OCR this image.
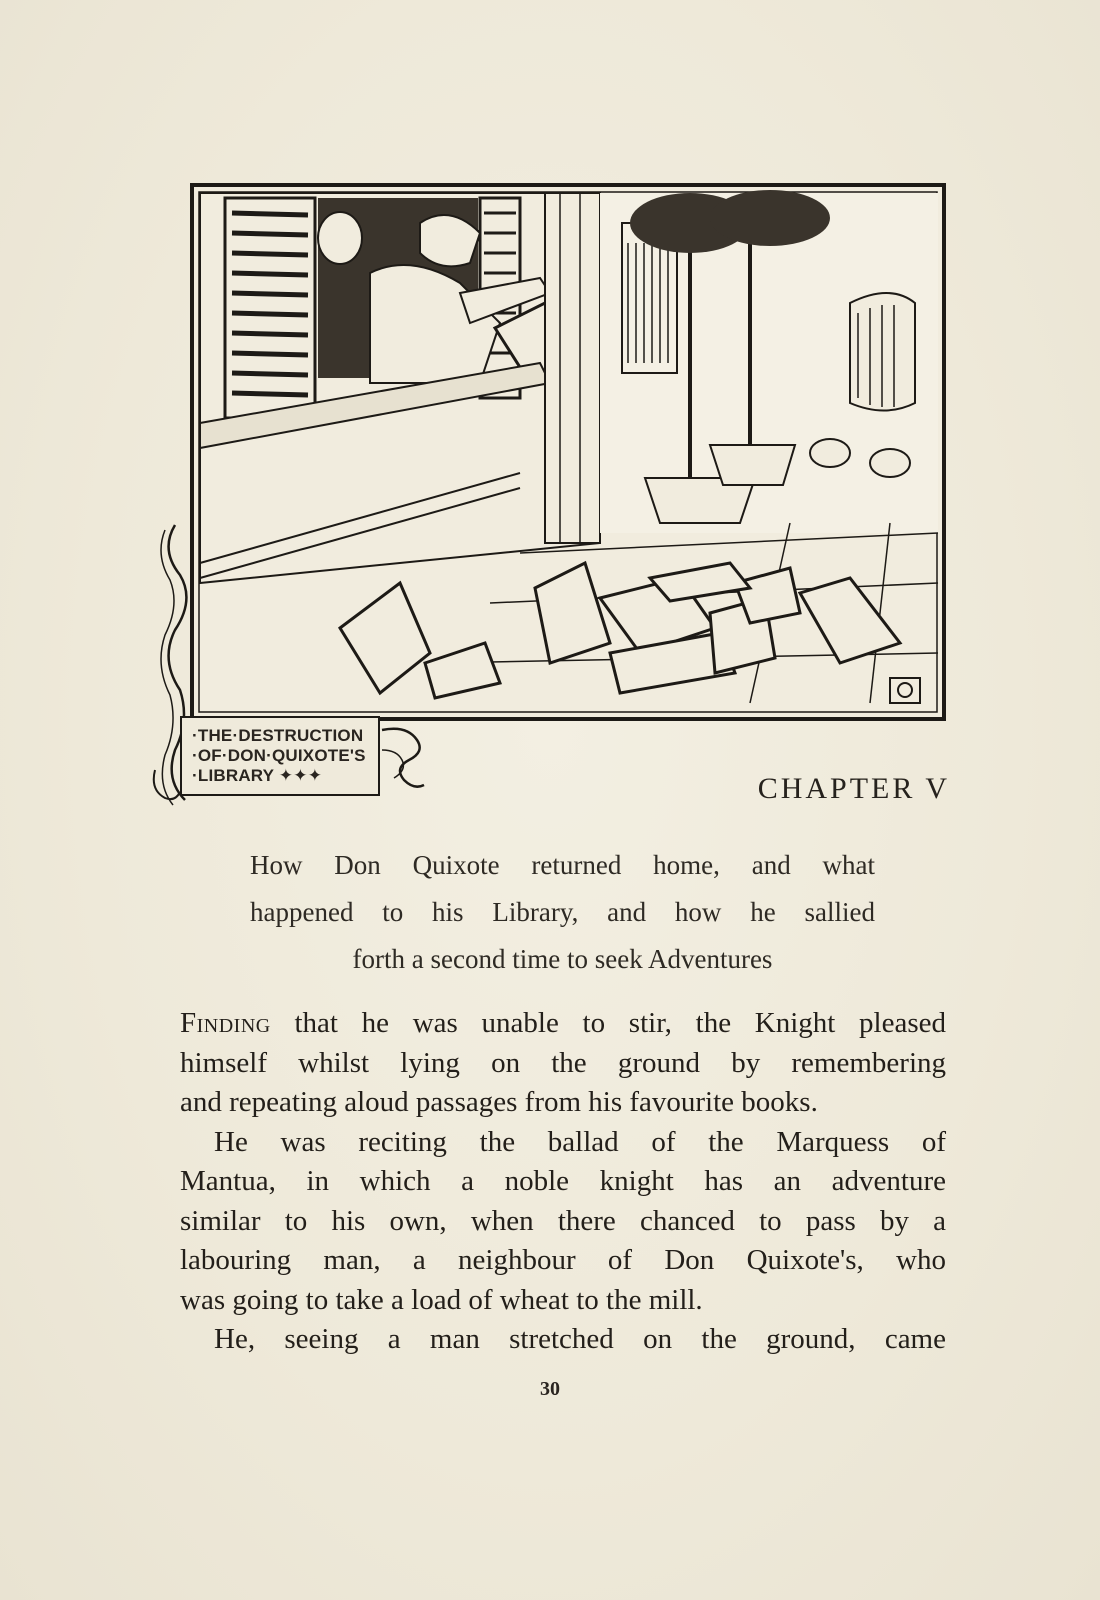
·THE·DESTRUCTION
·OF·DON·QUIXOTE'S
·LIBRARY ✦✦✦	CHAPTER V
How Don Quixote returned home, and what
happened to his Library, and how he sallied
forth a second time to seek Adventures
Finding that he was unable to stir, the Knight pleased
himself whilst lying on the ground by remembering
and repeating aloud passages from his favourite books.
He was reciting the ballad of the Marquess of
Mantua, in which a noble knight has an adventure
similar to his own, when there chanced to pass by a
labouring man, a neighbour of Don Quixote's, who
was going to take a load of wheat to the mill.
He, seeing a man stretched on the ground, came
30
